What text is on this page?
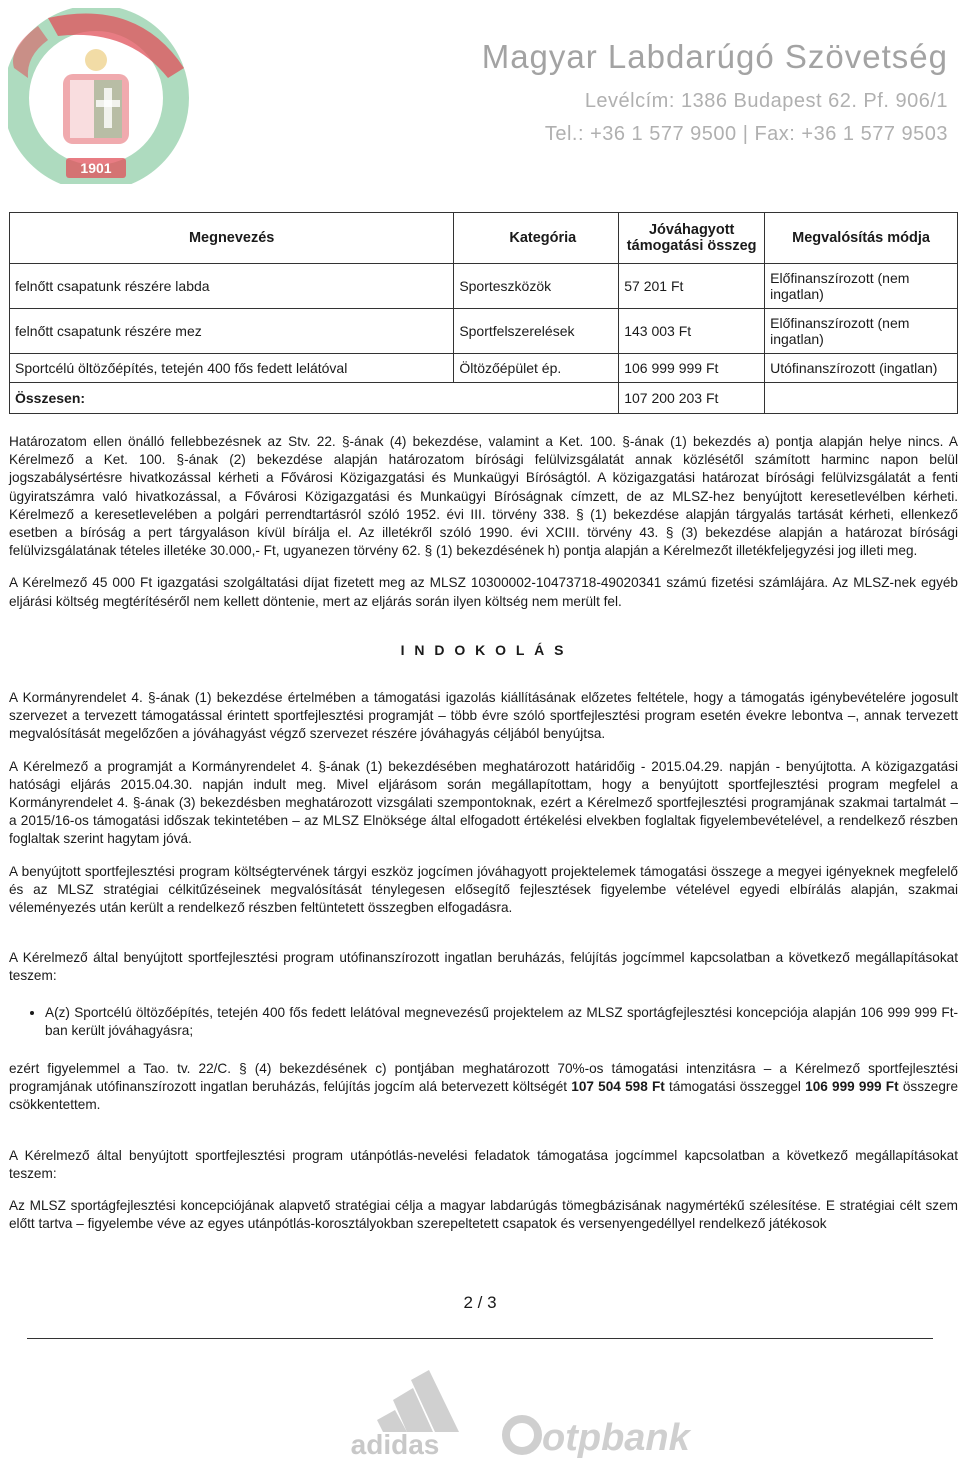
1901
Magyar Labdarúgó Szövetség
Levélcím: 1386 Budapest 62. Pf. 906/1
Tel.: +36 1 577 9500 | Fax: +36 1 577 9503
Megnevezés	Kategória	Jóváhagyott támogatási összeg	Megvalósítás módja
felnőtt csapatunk részére labda	Sporteszközök	57 201 Ft	Előfinanszírozott (nem ingatlan)
felnőtt csapatunk részére mez	Sportfelszerelések	143 003 Ft	Előfinanszírozott (nem ingatlan)
Sportcélú öltözőépítés, tetején 400 fős fedett lelátóval	Öltözőépület ép.	106 999 999 Ft	Utófinanszírozott (ingatlan)
Összesen:		107 200 203 Ft	

Határozatom ellen önálló fellebbezésnek az Stv. 22. §-ának (4) bekezdése, valamint a Ket. 100. §-ának (1) bekezdés a) pontja alapján helye nincs. A Kérelmező a Ket. 100. §-ának (2) bekezdése alapján határozatom bírósági felülvizsgálatát annak közlésétől számított harminc napon belül jogszabálysértésre hivatkozással kérheti a Fővárosi Közigazgatási és Munkaügyi Bíróságtól. A közigazgatási határozat bírósági felülvizsgálatát a fenti ügyiratszámra való hivatkozással, a Fővárosi Közigazgatási és Munkaügyi Bíróságnak címzett, de az MLSZ-hez benyújtott keresetlevélben kérheti. Kérelmező a keresetlevelében a polgári perrendtartásról szóló 1952. évi III. törvény 338. § (1) bekezdése alapján tárgyalás tartását kérheti, ellenkező esetben a bíróság a pert tárgyaláson kívül bírálja el. Az illetékről szóló 1990. évi XCIII. törvény 43. § (3) bekezdése alapján a határozat bírósági felülvizsgálatának tételes illetéke 30.000,- Ft, ugyanezen törvény 62. § (1) bekezdésének h) pontja alapján a Kérelmezőt illetékfeljegyzési jog illeti meg.

A Kérelmező 45 000 Ft igazgatási szolgáltatási díjat fizetett meg az MLSZ 10300002-10473718-49020341 számú fizetési számlájára. Az MLSZ-nek egyéb eljárási költség megtérítéséről nem kellett döntenie, mert az eljárás során ilyen költség nem merült fel.

I N D O K O L Á S

A Kormányrendelet 4. §-ának (1) bekezdése értelmében a támogatási igazolás kiállításának előzetes feltétele, hogy a támogatás igénybevételére jogosult szervezet a tervezett támogatással érintett sportfejlesztési programját – több évre szóló sportfejlesztési program esetén évekre lebontva –, annak tervezett megvalósítását megelőzően a jóváhagyást végző szervezet részére jóváhagyás céljából benyújtsa.

A Kérelmező a programját a Kormányrendelet 4. §-ának (1) bekezdésében meghatározott határidőig - 2015.04.29. napján - benyújtotta. A közigazgatási hatósági eljárás 2015.04.30. napján indult meg. Mivel eljárásom során megállapítottam, hogy a benyújtott sportfejlesztési program megfelel a Kormányrendelet 4. §-ának (3) bekezdésben meghatározott vizsgálati szempontoknak, ezért a Kérelmező sportfejlesztési programjának szakmai tartalmát – a 2015/16-os támogatási időszak tekintetében – az MLSZ Elnöksége által elfogadott értékelési elvekben foglaltak figyelembevételével, a rendelkező részben foglaltak szerint hagytam jóvá.

A benyújtott sportfejlesztési program költségtervének tárgyi eszköz jogcímen jóváhagyott projektelemek támogatási összege a megyei igényeknek megfelelő és az MLSZ stratégiai célkitűzéseinek megvalósítását ténylegesen elősegítő fejlesztések figyelembe vételével egyedi elbírálás alapján, szakmai véleményezés után került a rendelkező részben feltüntetett összegben elfogadásra.

A Kérelmező által benyújtott sportfejlesztési program utófinanszírozott ingatlan beruházás, felújítás jogcímmel kapcsolatban a következő megállapításokat teszem:

• A(z) Sportcélú öltözőépítés, tetején 400 fős fedett lelátóval megnevezésű projektelem az MLSZ sportágfejlesztési koncepciója alapján 106 999 999 Ft-ban került jóváhagyásra;

ezért figyelemmel a Tao. tv. 22/C. § (4) bekezdésének c) pontjában meghatározott 70%-os támogatási intenzitásra – a Kérelmező sportfejlesztési programjának utófinanszírozott ingatlan beruházás, felújítás jogcím alá betervezett költségét 107 504 598 Ft támogatási összeggel 106 999 999 Ft összegre csökkentettem.

A Kérelmező által benyújtott sportfejlesztési program utánpótlás-nevelési feladatok támogatása jogcímmel kapcsolatban a következő megállapításokat teszem:

Az MLSZ sportágfejlesztési koncepciójának alapvető stratégiai célja a magyar labdarúgás tömegbázisának nagymértékű szélesítése. E stratégiai célt szem előtt tartva – figyelembe véve az egyes utánpótlás-korosztályokban szerepeltetett csapatok és versenyengedéllyel rendelkező játékosok

2 / 3
adidas	otpbank
